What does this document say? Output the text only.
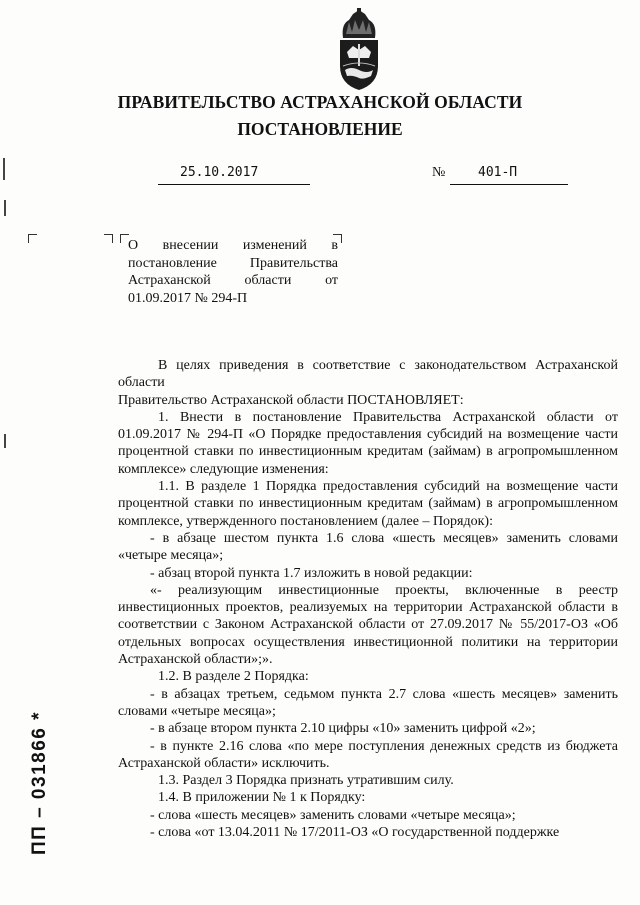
ПРАВИТЕЛЬСТВО АСТРАХАНСКОЙ ОБЛАСТИ
ПОСТАНОВЛЕНИЕ
25.10.2017	№	401-П

О внесении изменений в постановление Правительства Астраханской области от 01.09.2017 № 294-П

ПП – 031866 *

В целях приведения в соответствие с законодательством Астраханской области

Правительство Астраханской области ПОСТАНОВЛЯЕТ:

1. Внести в постановление Правительства Астраханской области от 01.09.2017 № 294-П «О Порядке предоставления субсидий на возмещение части процентной ставки по инвестиционным кредитам (займам) в агропромышленном комплексе» следующие изменения:

1.1. В разделе 1 Порядка предоставления субсидий на возмещение части процентной ставки по инвестиционным кредитам (займам) в агропромышленном комплексе, утвержденного постановлением (далее – Порядок):

- в абзаце шестом пункта 1.6 слова «шесть месяцев» заменить словами «четыре месяца»;

- абзац второй пункта 1.7 изложить в новой редакции:

«- реализующим инвестиционные проекты, включенные в реестр инвестиционных проектов, реализуемых на территории Астраханской области в соответствии с Законом Астраханской области от 27.09.2017 № 55/2017-ОЗ «Об отдельных вопросах осуществления инвестиционной политики на территории Астраханской области»;».

1.2. В разделе 2 Порядка:

- в абзацах третьем, седьмом пункта 2.7 слова «шесть месяцев» заменить словами «четыре месяца»;

- в абзаце втором пункта 2.10 цифры «10» заменить цифрой «2»;

- в пункте 2.16 слова «по мере поступления денежных средств из бюджета Астраханской области» исключить.

1.3. Раздел 3 Порядка признать утратившим силу.

1.4. В приложении № 1 к Порядку:

- слова «шесть месяцев» заменить словами «четыре месяца»;

- слова «от 13.04.2011 № 17/2011-ОЗ «О государственной поддержке
